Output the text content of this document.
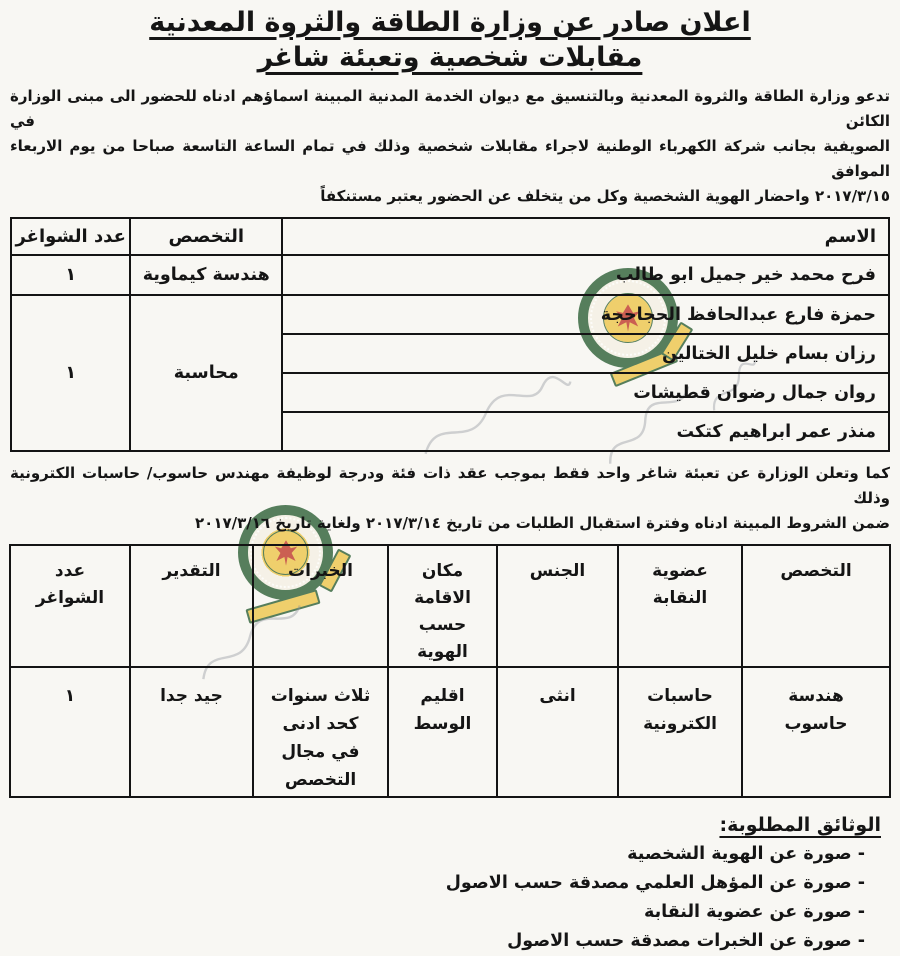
اعلان صادر عن وزارة الطاقة والثروة المعدنية
مقابلات شخصية وتعبئة شاغر
تدعو وزارة الطاقة والثروة المعدنية وبالتنسيق مع ديوان الخدمة المدنية المبينة اسماؤهم ادناه للحضور الى مبنى الوزارة الكائن في
الصويفية بجانب شركة الكهرباء الوطنية لاجراء مقابلات شخصية وذلك في تمام الساعة التاسعة صباحا من يوم الاربعاء الموافق
٢٠١٧/٣/١٥ واحضار الهوية الشخصية وكل من يتخلف عن الحضور يعتبر مستنكفاً
الاسم	التخصص	عدد الشواغر
فرح محمد خير جميل ابو طالب	هندسة كيماوية	١
حمزة فارع عبدالحافظ الحجاحجة	محاسبة	١
رزان بسام خليل الختالين		
روان جمال رضوان قطيشات		
منذر عمر ابراهيم كتكت		
كما وتعلن الوزارة عن تعبئة شاغر واحد فقط بموجب عقد ذات فئة ودرجة لوظيفة مهندس حاسوب/ حاسبات الكترونية وذلك
ضمن الشروط المبينة ادناه وفترة استقبال الطلبات من تاريخ ٢٠١٧/٣/١٤ ولغاية تاريخ ٢٠١٧/٣/١٦
التخصص	عضوية النقابة	الجنس	مكان الاقامة حسب الهوية	الخبرات	التقدير	عدد الشواغر
هندسة حاسوب	حاسبات الكترونية	انثى	اقليم الوسط	ثلاث سنوات كحد ادنى في مجال التخصص	جيد جدا	١
الوثائق المطلوبة:
- صورة عن الهوية الشخصية
- صورة عن المؤهل العلمي مصدقة حسب الاصول
- صورة عن عضوية النقابة
- صورة عن الخبرات مصدقة حسب الاصول
